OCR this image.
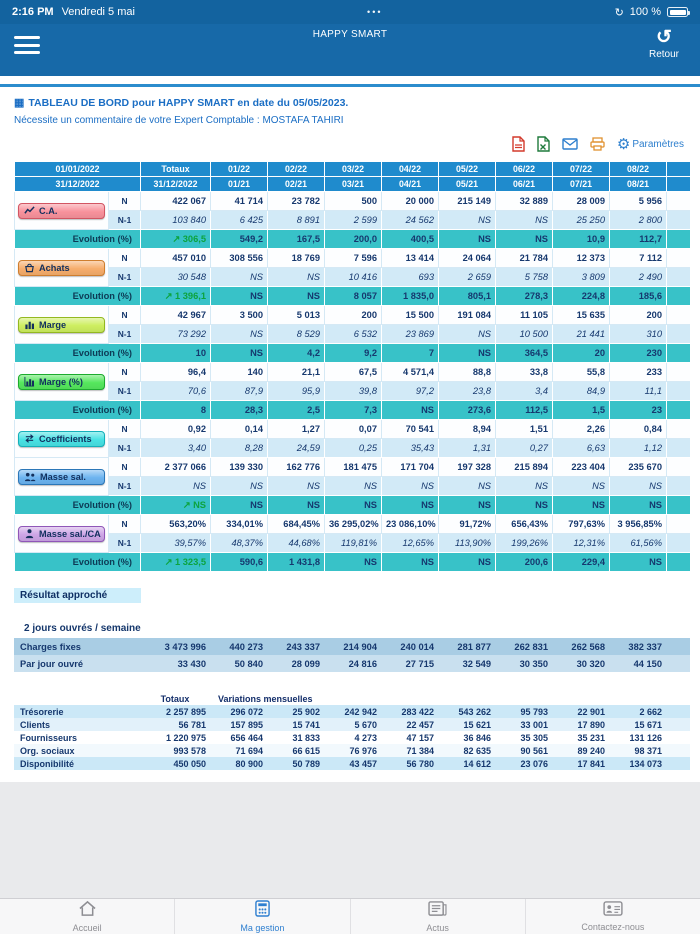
2:16 PM Vendredi 5 mai	•••	↻ 100 %
HAPPY SMART	↺
Retour
▦ TABLEAU DE BORD pour HAPPY SMART en date du 05/05/2023.
Nécessite un commentaire de votre Expert Comptable : MOSTAFA TAHIRI
⚙ Paramètres
01/01/2022		Totaux	01/22	02/22	03/22	04/22	05/22	06/22	07/22	08/22	
31/12/2022		31/12/2022	01/21	02/21	03/21	04/21	05/21	06/21	07/21	08/21	

C.A.	N	422 067	41 714	23 782	500	20 000	215 149	32 889	28 009	5 956	
	N-1	103 840	6 425	8 891	2 599	24 562	NS	NS	25 250	2 800	
Evolution (%)		↗ 306,5	549,2	167,5	200,0	400,5	NS	NS	10,9	112,7	

Achats	N	457 010	308 556	18 769	7 596	13 414	24 064	21 784	12 373	7 112	
	N-1	30 548	NS	NS	10 416	693	2 659	5 758	3 809	2 490	
Evolution (%)		↗ 1 396,1	NS	NS	8 057	1 835,0	805,1	278,3	224,8	185,6	

Marge	N	42 967	3 500	5 013	200	15 500	191 084	11 105	15 635	200	
	N-1	73 292	NS	8 529	6 532	23 869	NS	10 500	21 441	310	
Evolution (%)		10	NS	4,2	9,2	7	NS	364,5	20	230	

Marge (%)	N	96,4	140	21,1	67,5	4 571,4	88,8	33,8	55,8	233	
	N-1	70,6	87,9	95,9	39,8	97,2	23,8	3,4	84,9	11,1	
Evolution (%)		8	28,3	2,5	7,3	NS	273,6	112,5	1,5	23	

Coefficients	N	0,92	0,14	1,27	0,07	70 541	8,94	1,51	2,26	0,84	
	N-1	3,40	8,28	24,59	0,25	35,43	1,31	0,27	6,63	1,12	

Masse sal.	N	2 377 066	139 330	162 776	181 475	171 704	197 328	215 894	223 404	235 670	
	N-1	NS	NS	NS	NS	NS	NS	NS	NS	NS	
Evolution (%)		↗ NS	NS	NS	NS	NS	NS	NS	NS	NS	

Masse sal./CA	N	563,20%	334,01%	684,45%	36 295,02%	23 086,10%	91,72%	656,43%	797,63%	3 956,85%	
	N-1	39,57%	48,37%	44,68%	119,81%	12,65%	113,90%	199,26%	12,31%	61,56%	
Evolution (%)		↗ 1 323,5	590,6	1 431,8	NS	NS	NS	200,6	229,4	NS	
Résultat approché
2 jours ouvrés / semaine
Charges fixes	3 473 996	440 273	243 337	214 904	240 014	281 877	262 831	262 568	382 337	
Par jour ouvré	33 430	50 840	28 099	24 816	27 715	32 549	30 350	30 320	44 150	
	Totaux	Variations mensuelles								
Trésorerie	2 257 895	296 072	25 902	242 942	283 422	543 262	95 793	22 901	2 662	
Clients	56 781	157 895	15 741	5 670	22 457	15 621	33 001	17 890	15 671	
Fournisseurs	1 220 975	656 464	31 833	4 273	47 157	36 846	35 305	35 231	131 126	
Org. sociaux	993 578	71 694	66 615	76 976	71 384	82 635	90 561	89 240	98 371	
Disponibilité	450 050	80 900	50 789	43 457	56 780	14 612	23 076	17 841	134 073	
Accueil	Ma gestion	Actus	Contactez-nous
